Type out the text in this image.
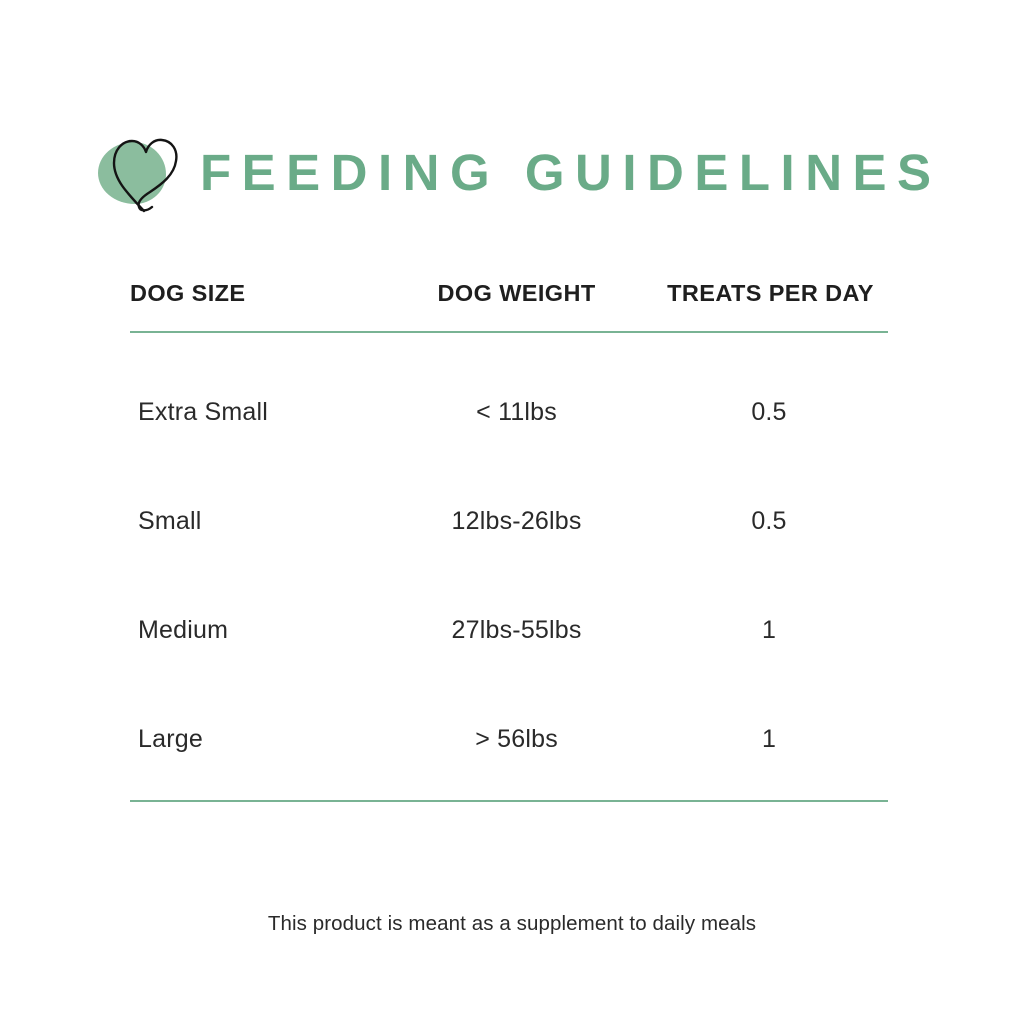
FEEDING GUIDELINES
DOG SIZE	DOG WEIGHT	TREATS PER DAY
Extra Small	< 11lbs	0.5
Small	12lbs-26lbs	0.5
Medium	27lbs-55lbs	1
Large	> 56lbs	1
This product is meant as a supplement to daily meals
